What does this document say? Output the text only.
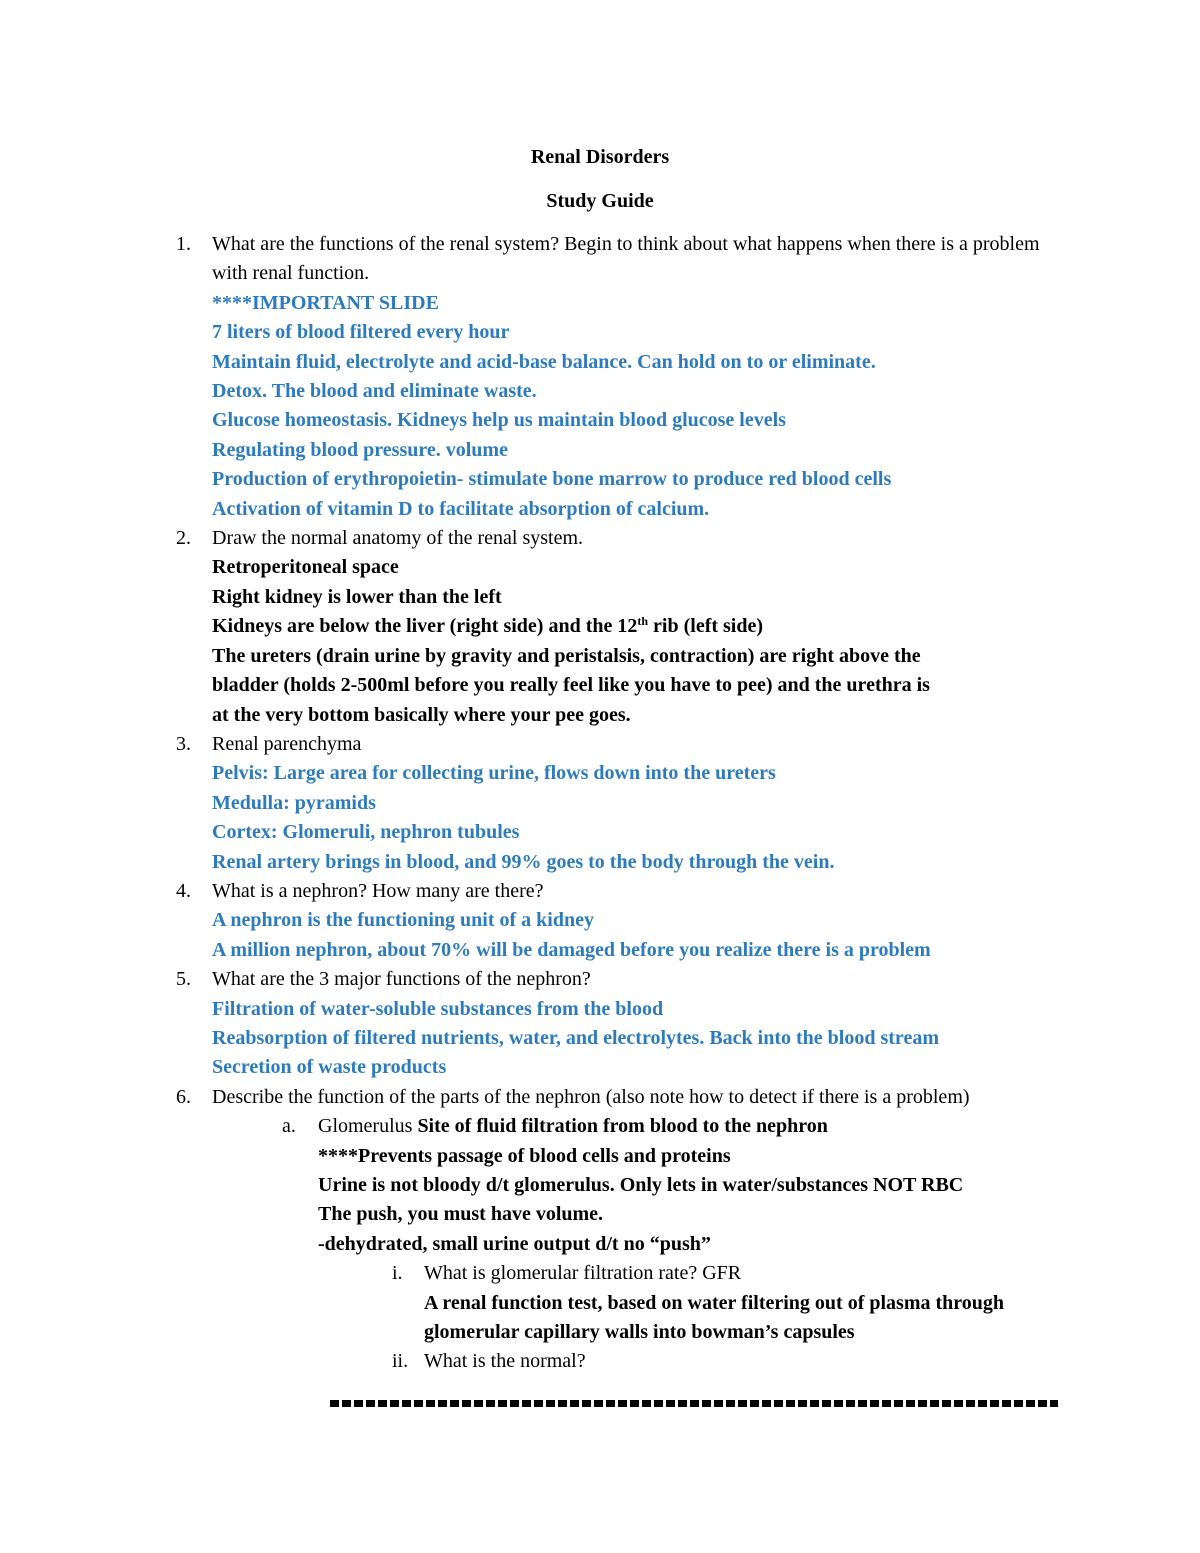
Renal Disorders
Study Guide
1. What are the functions of the renal system? Begin to think about what happens when there is a problem with renal function.
****IMPORTANT SLIDE
7 liters of blood filtered every hour
Maintain fluid, electrolyte and acid-base balance. Can hold on to or eliminate.
Detox. The blood and eliminate waste.
Glucose homeostasis. Kidneys help us maintain blood glucose levels
Regulating blood pressure. volume
Production of erythropoietin- stimulate bone marrow to produce red blood cells
Activation of vitamin D to facilitate absorption of calcium.
2. Draw the normal anatomy of the renal system.
Retroperitoneal space
Right kidney is lower than the left
Kidneys are below the liver (right side) and the 12th rib (left side)
The ureters (drain urine by gravity and peristalsis, contraction) are right above the
bladder (holds 2-500ml before you really feel like you have to pee) and the urethra is
at the very bottom basically where your pee goes.
3. Renal parenchyma
Pelvis: Large area for collecting urine, flows down into the ureters
Medulla: pyramids
Cortex: Glomeruli, nephron tubules
Renal artery brings in blood, and 99% goes to the body through the vein.
4. What is a nephron? How many are there?
A nephron is the functioning unit of a kidney
A million nephron, about 70% will be damaged before you realize there is a problem
5. What are the 3 major functions of the nephron?
Filtration of water-soluble substances from the blood
Reabsorption of filtered nutrients, water, and electrolytes. Back into the blood stream
Secretion of waste products
6. Describe the function of the parts of the nephron (also note how to detect if there is a problem)
a. Glomerulus Site of fluid filtration from blood to the nephron
****Prevents passage of blood cells and proteins
Urine is not bloody d/t glomerulus. Only lets in water/substances NOT RBC
The push, you must have volume.
-dehydrated, small urine output d/t no “push”
i. What is glomerular filtration rate? GFR
A renal function test, based on water filtering out of plasma through
glomerular capillary walls into bowman’s capsules
ii. What is the normal?
